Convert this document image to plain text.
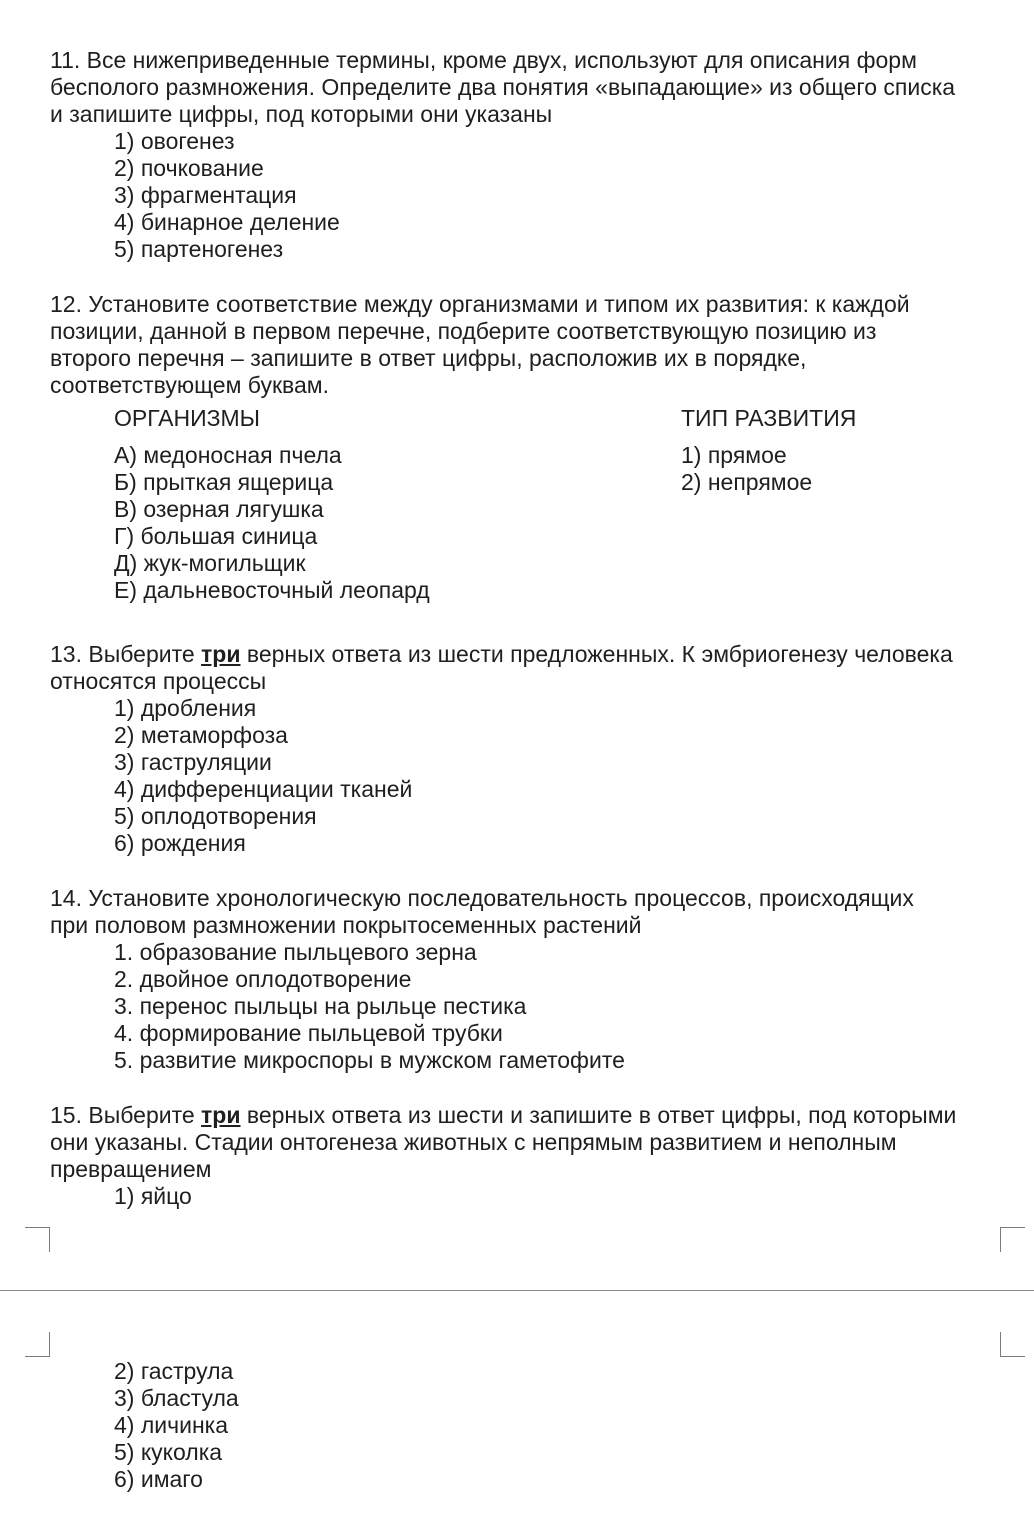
11. Все нижеприведенные термины, кроме двух, используют для описания форм

бесполого размножения. Определите два понятия «выпадающие» из общего списка

и запишите цифры, под которыми они указаны

1) овогенез
2) почкование
3) фрагментация
4) бинарное деление
5) партеногенез

12. Установите соответствие между организмами и типом их развития: к каждой

позиции, данной в первом перечне, подберите соответствующую позицию из

второго перечня – запишите в ответ цифры, расположив их в порядке,

соответствующем буквам.

ОРГАНИЗМЫ	ТИП РАЗВИТИЯ
А) медоносная пчела
Б) прыткая ящерица
В) озерная лягушка
Г) большая синица
Д) жук-могильщик
Е) дальневосточный леопард
1) прямое
2) непрямое

13. Выберите три верных ответа из шести предложенных. К эмбриогенезу человека

относятся процессы

1) дробления
2) метаморфоза
3) гаструляции
4) дифференциации тканей
5) оплодотворения
6) рождения

14. Установите хронологическую последовательность процессов, происходящих

при половом размножении покрытосеменных растений

1. образование пыльцевого зерна
2. двойное оплодотворение
3. перенос пыльцы на рыльце пестика
4. формирование пыльцевой трубки
5. развитие микроспоры в мужском гаметофите

15. Выберите три верных ответа из шести и запишите в ответ цифры, под которыми

они указаны. Стадии онтогенеза животных с непрямым развитием и неполным

превращением

1) яйцо
2) гаструла
3) бластула
4) личинка
5) куколка
6) имаго
